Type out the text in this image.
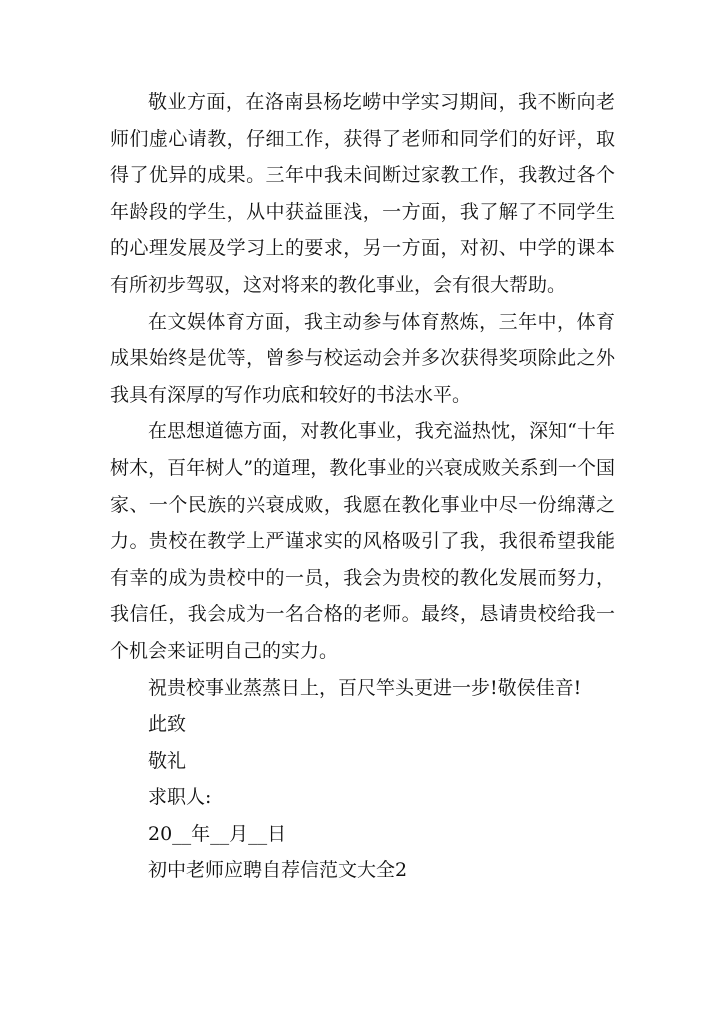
敬业方面，在洛南县杨圪崂中学实习期间，我不断向老师们虚心请教，仔细工作，获得了老师和同学们的好评，取得了优异的成果。三年中我未间断过家教工作，我教过各个年龄段的学生，从中获益匪浅，一方面，我了解了不同学生的心理发展及学习上的要求，另一方面，对初、中学的课本有所初步驾驭，这对将来的教化事业，会有很大帮助。

在文娱体育方面，我主动参与体育熬炼，三年中，体育成果始终是优等，曾参与校运动会并多次获得奖项除此之外我具有深厚的写作功底和较好的书法水平。

在思想道德方面，对教化事业，我充溢热忱，深知“十年树木，百年树人”的道理，教化事业的兴衰成败关系到一个国家、一个民族的兴衰成败，我愿在教化事业中尽一份绵薄之力。贵校在教学上严谨求实的风格吸引了我，我很希望我能有幸的成为贵校中的一员，我会为贵校的教化发展而努力，我信任，我会成为一名合格的老师。最终，恳请贵校给我一个机会来证明自己的实力。

祝贵校事业蒸蒸日上，百尺竿头更进一步!敬侯佳音!

此致

敬礼

求职人:

20__年__月__日

初中老师应聘自荐信范文大全2
